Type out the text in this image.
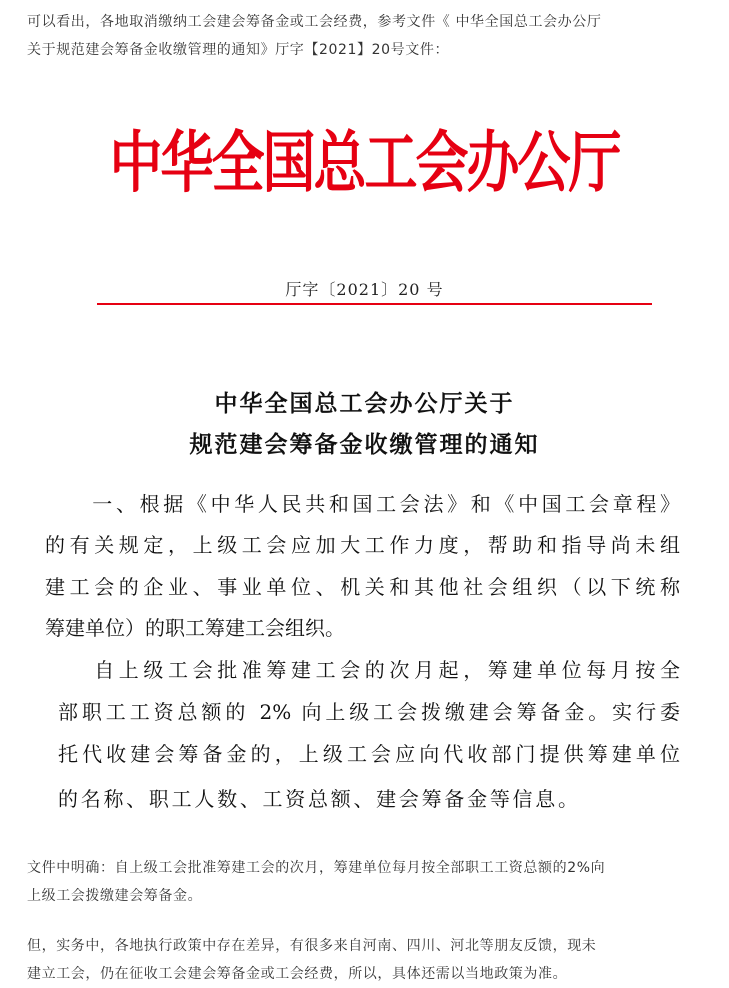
可以看出，各地取消缴纳工会建会筹备金或工会经费，参考文件《 中华全国总工会办公厅
关于规范建会筹备金收缴管理的通知》厅字【2021】20号文件：
中华全国总工会办公厅
厅字〔2021〕20 号
中华全国总工会办公厅关于
规范建会筹备金收缴管理的通知
　　一、根据《中华人民共和国工会法》和《中国工会章程》
的有关规定，上级工会应加大工作力度，帮助和指导尚未组
建工会的企业、事业单位、机关和其他社会组织（以下统称
筹建单位）的职工筹建工会组织。
　　自上级工会批准筹建工会的次月起，筹建单位每月按全
部职工工资总额的 2% 向上级工会拨缴建会筹备金。实行委
托代收建会筹备金的，上级工会应向代收部门提供筹建单位
的名称、职工人数、工资总额、建会筹备金等信息。
文件中明确：自上级工会批准筹建工会的次月，筹建单位每月按全部职工工资总额的2%向
上级工会拨缴建会筹备金。
但，实务中，各地执行政策中存在差异，有很多来自河南、四川、河北等朋友反馈，现未
建立工会，仍在征收工会建会筹备金或工会经费，所以，具体还需以当地政策为准。
